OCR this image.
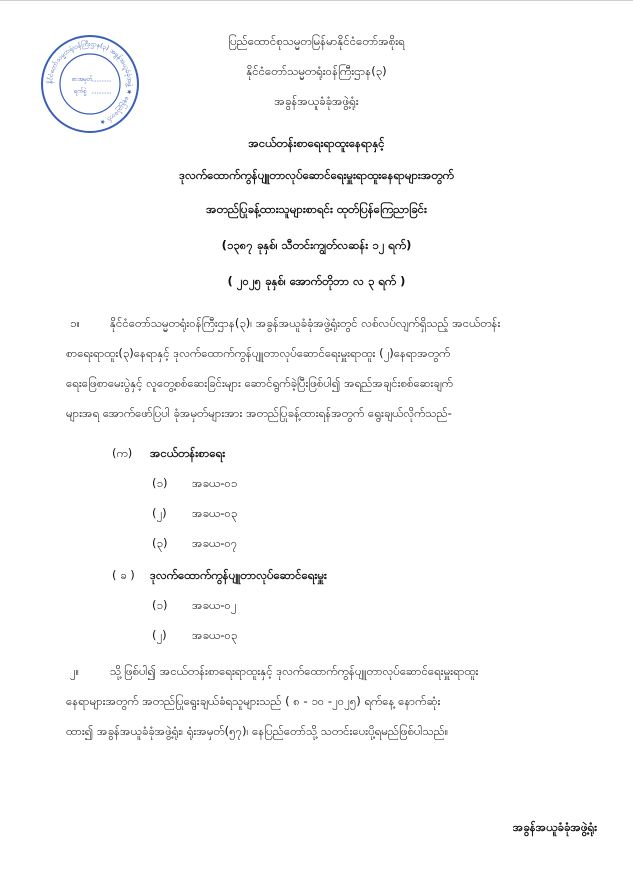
နိုင်ငံတော်သမ္မတရုံးဝန်ကြီးဌာန(၃) အခွန်အယူခံခုံအဖွဲ့ ★ နေပြည်တော် ★
စာအမှတ်
ရက်စွဲ
ပြည်ထောင်စုသမ္မတမြန်မာနိုင်ငံတော်အစိုးရ
နိုင်ငံတော်သမ္မတရုံးဝန်ကြီးဌာန(၃)
အခွန်အယူခံခုံအဖွဲ့ရုံး
အငယ်တန်းစာရေးရာထူးနေရာနှင့်
ဒုလက်ထောက်ကွန်ပျူတာလုပ်ဆောင်ရေးမှူးရာထူးနေရာများအတွက်
အတည်ပြုခန့်ထားသူများစာရင်း ထုတ်ပြန်ကြေညာခြင်း
(၁၃၈၇ ခုနှစ်၊ သီတင်းကျွတ်လဆန်း ၁၂ ရက်)
( ၂၀၂၅ ခုနှစ်၊ အောက်တိုဘာ လ ၃ ရက် )
၁။	နိုင်ငံတော်သမ္မတရုံးဝန်ကြီးဌာန(၃)၊ အခွန်အယူခံခုံအဖွဲ့ရုံးတွင် လစ်လပ်လျက်ရှိသည့် အငယ်တန်း
စာရေးရာထူး(၃)နေရာနှင့် ဒုလက်ထောက်ကွန်ပျူတာလုပ်ဆောင်ရေးမှူးရာထူး (၂)နေရာအတွက်
ရေးဖြေစာမေးပွဲနှင့် လူတွေ့စစ်ဆေးခြင်းများ ဆောင်ရွက်ခဲ့ပြီးဖြစ်ပါ၍ အရည်အချင်းစစ်ဆေးချက်
များအရ အောက်ဖော်ပြပါ ခုံအမှတ်များအား အတည်ပြုခန့်ထားရန်အတွက် ရွေးချယ်လိုက်သည်-
(က) အငယ်တန်းစာရေး
(၁) အခယ-၀၁
(၂) အခယ-၀၃
(၃) အခယ-၀၇
( ခ ) ဒုလက်ထောက်ကွန်ပျူတာလုပ်ဆောင်ရေးမှူး
(၁) အခယ-၀၂
(၂) အခယ-၀၃
၂။	သို့ဖြစ်ပါ၍ အငယ်တန်းစာရေးရာထူးနှင့် ဒုလက်ထောက်ကွန်ပျူတာလုပ်ဆောင်ရေးမှူးရာထူး
နေရာများအတွက် အတည်ပြုရွေးချယ်ခံရသူများသည် ( ၈ - ၁၀ -၂၀၂၅) ရက်နေ့ နောက်ဆုံး
ထား၍ အခွန်အယူခံခုံအဖွဲ့ရုံး၊ ရုံးအမှတ်(၅၇)၊ နေပြည်တော်သို့ သတင်းပေးပို့ရမည်ဖြစ်ပါသည်။
အခွန်အယူခံခုံအဖွဲ့ရုံး
